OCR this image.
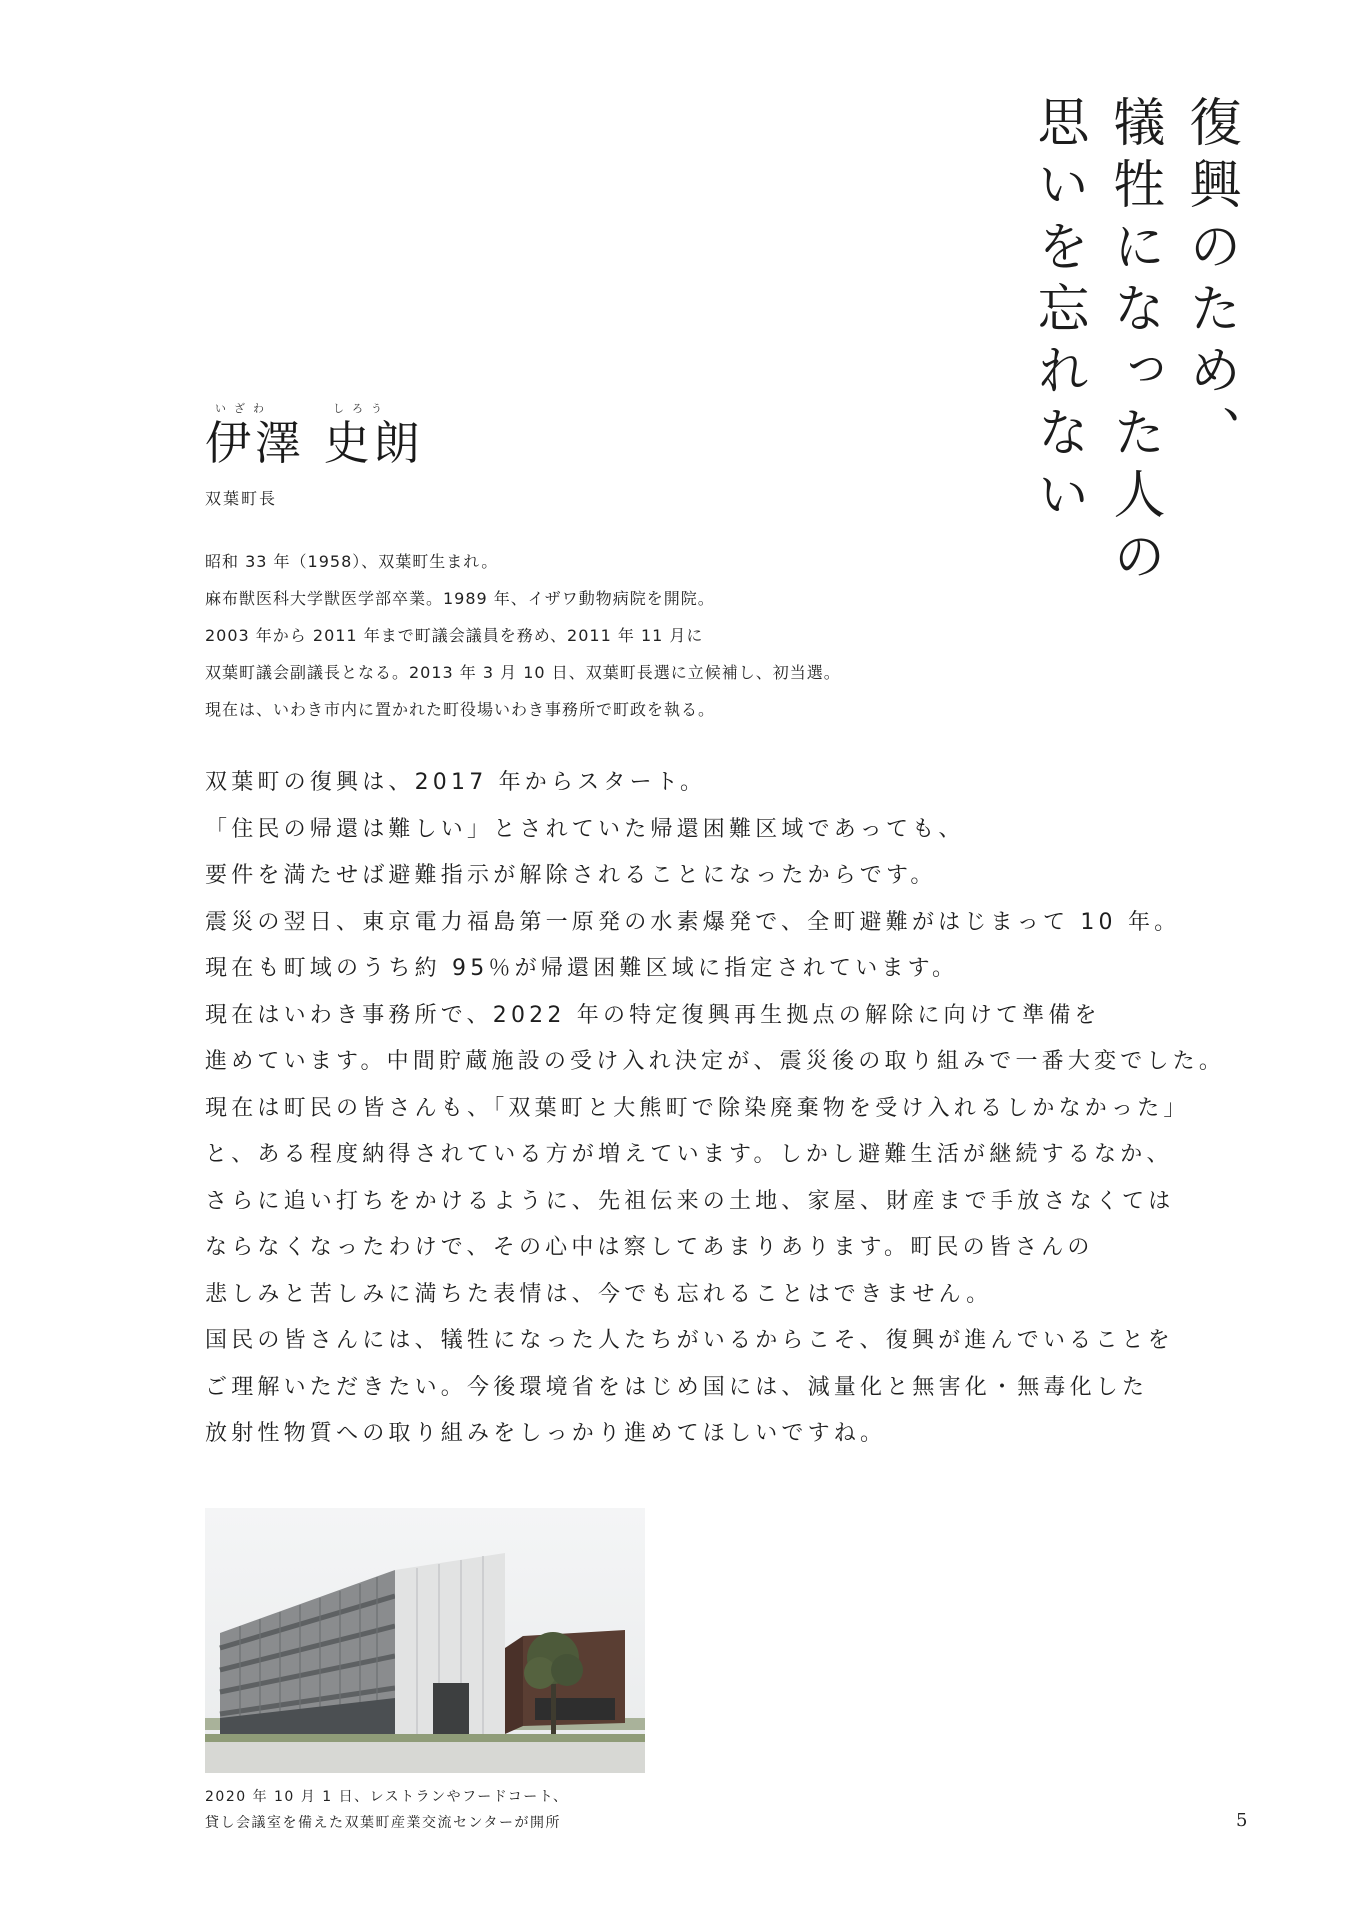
復興のため、
犠牲になった人の
思いを忘れない
いざわ	しろう
伊澤 史朗
双葉町長
昭和 33 年（1958）、双葉町生まれ。
麻布獣医科大学獣医学部卒業。1989 年、イザワ動物病院を開院。
2003 年から 2011 年まで町議会議員を務め、2011 年 11 月に
双葉町議会副議長となる。2013 年 3 月 10 日、双葉町長選に立候補し、初当選。
現在は、いわき市内に置かれた町役場いわき事務所で町政を執る。
双葉町の復興は、2017 年からスタート。
「住民の帰還は難しい」とされていた帰還困難区域であっても、
要件を満たせば避難指示が解除されることになったからです。
震災の翌日、東京電力福島第一原発の水素爆発で、全町避難がはじまって 10 年。
現在も町域のうち約 95％が帰還困難区域に指定されています。
現在はいわき事務所で、2022 年の特定復興再生拠点の解除に向けて準備を
進めています。中間貯蔵施設の受け入れ決定が、震災後の取り組みで一番大変でした。
現在は町民の皆さんも、「双葉町と大熊町で除染廃棄物を受け入れるしかなかった」
と、ある程度納得されている方が増えています。しかし避難生活が継続するなか、
さらに追い打ちをかけるように、先祖伝来の土地、家屋、財産まで手放さなくては
ならなくなったわけで、その心中は察してあまりあります。町民の皆さんの
悲しみと苦しみに満ちた表情は、今でも忘れることはできません。
国民の皆さんには、犠牲になった人たちがいるからこそ、復興が進んでいることを
ご理解いただきたい。今後環境省をはじめ国には、減量化と無害化・無毒化した
放射性物質への取り組みをしっかり進めてほしいですね。
2020 年 10 月 1 日、レストランやフードコート、
貸し会議室を備えた双葉町産業交流センターが開所	5
